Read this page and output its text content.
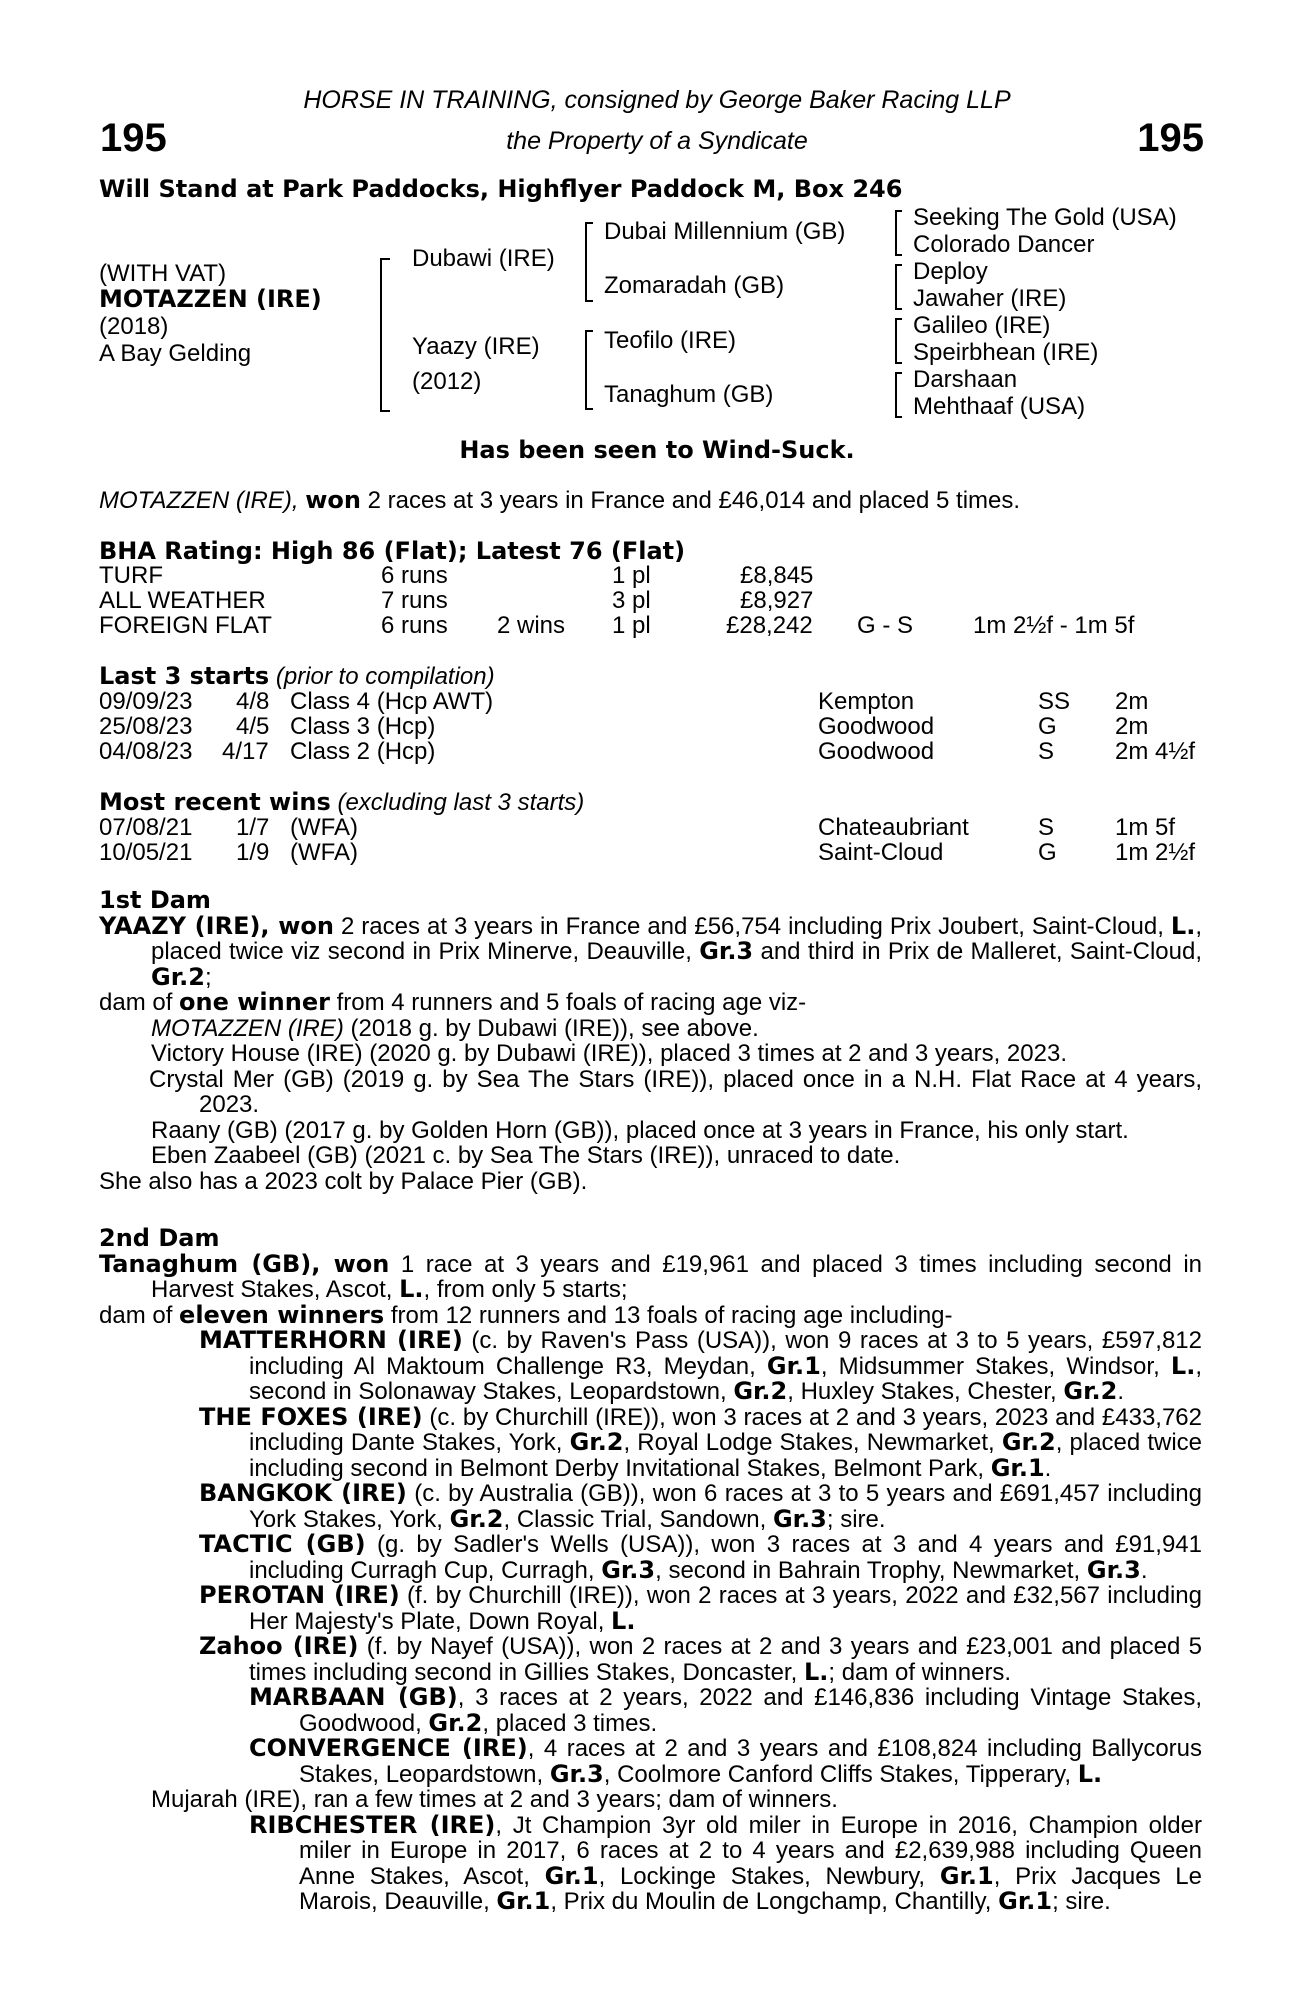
195	195
HORSE IN TRAINING, consigned by George Baker Racing LLP
the Property of a Syndicate
Will Stand at Park Paddocks, Highflyer Paddock M, Box 246
(WITH VAT)
MOTAZZEN (IRE)
(2018)
A Bay Gelding
Dubawi (IRE)
Yaazy (IRE)
(2012)
Dubai Millennium (GB)
Zomaradah (GB)
Teofilo (IRE)
Tanaghum (GB)
Seeking The Gold (USA)
Colorado Dancer
Deploy
Jawaher (IRE)
Galileo (IRE)
Speirbhean (IRE)
Darshaan
Mehthaaf (USA)
Has been seen to Wind-Suck.
MOTAZZEN (IRE), won 2 races at 3 years in France and £46,014 and placed 5 times.
BHA Rating: High 86 (Flat); Latest 76 (Flat)
TURF	6 runs	1 pl	£8,845
ALL WEATHER	7 runs	3 pl	£8,927
FOREIGN FLAT	6 runs 2 wins 1 pl	£28,242 G - S 1m 2½f - 1m 5f
Last 3 starts (prior to compilation)
09/09/23 4/8 Class 4 (Hcp AWT)	Kempton	SS 2m
25/08/23 4/5 Class 3 (Hcp)	Goodwood	G 2m
04/08/23 4/17 Class 2 (Hcp)	Goodwood	S	2m 4½f
Most recent wins (excluding last 3 starts)
07/08/21 1/7 (WFA)	Chateaubriant	S	1m 5f
10/05/21 1/9 (WFA)	Saint-Cloud	G 1m 2½f

1st Dam

YAAZY (IRE), won 2 races at 3 years in France and £56,754 including Prix Joubert, Saint-Cloud, L., placed twice viz second in Prix Minerve, Deauville, Gr.3 and third in Prix de Malleret, Saint-Cloud, Gr.2;

dam of one winner from 4 runners and 5 foals of racing age viz-

MOTAZZEN (IRE) (2018 g. by Dubawi (IRE)), see above.

Victory House (IRE) (2020 g. by Dubawi (IRE)), placed 3 times at 2 and 3 years, 2023.

Crystal Mer (GB) (2019 g. by Sea The Stars (IRE)), placed once in a N.H. Flat Race at 4 years, 2023.

Raany (GB) (2017 g. by Golden Horn (GB)), placed once at 3 years in France, his only start.

Eben Zaabeel (GB) (2021 c. by Sea The Stars (IRE)), unraced to date.

She also has a 2023 colt by Palace Pier (GB).

2nd Dam

Tanaghum (GB), won 1 race at 3 years and £19,961 and placed 3 times including second in Harvest Stakes, Ascot, L., from only 5 starts;

dam of eleven winners from 12 runners and 13 foals of racing age including-

MATTERHORN (IRE) (c. by Raven's Pass (USA)), won 9 races at 3 to 5 years, £597,812 including Al Maktoum Challenge R3, Meydan, Gr.1, Midsummer Stakes, Windsor, L., second in Solonaway Stakes, Leopardstown, Gr.2, Huxley Stakes, Chester, Gr.2.

THE FOXES (IRE) (c. by Churchill (IRE)), won 3 races at 2 and 3 years, 2023 and £433,762 including Dante Stakes, York, Gr.2, Royal Lodge Stakes, Newmarket, Gr.2, placed twice including second in Belmont Derby Invitational Stakes, Belmont Park, Gr.1.

BANGKOK (IRE) (c. by Australia (GB)), won 6 races at 3 to 5 years and £691,457 including York Stakes, York, Gr.2, Classic Trial, Sandown, Gr.3; sire.

TACTIC (GB) (g. by Sadler's Wells (USA)), won 3 races at 3 and 4 years and £91,941 including Curragh Cup, Curragh, Gr.3, second in Bahrain Trophy, Newmarket, Gr.3.

PEROTAN (IRE) (f. by Churchill (IRE)), won 2 races at 3 years, 2022 and £32,567 including Her Majesty's Plate, Down Royal, L.

Zahoo (IRE) (f. by Nayef (USA)), won 2 races at 2 and 3 years and £23,001 and placed 5 times including second in Gillies Stakes, Doncaster, L.; dam of winners.

MARBAAN (GB), 3 races at 2 years, 2022 and £146,836 including Vintage Stakes, Goodwood, Gr.2, placed 3 times.

CONVERGENCE (IRE), 4 races at 2 and 3 years and £108,824 including Ballycorus Stakes, Leopardstown, Gr.3, Coolmore Canford Cliffs Stakes, Tipperary, L.

Mujarah (IRE), ran a few times at 2 and 3 years; dam of winners.

RIBCHESTER (IRE), Jt Champion 3yr old miler in Europe in 2016, Champion older miler in Europe in 2017, 6 races at 2 to 4 years and £2,639,988 including Queen Anne Stakes, Ascot, Gr.1, Lockinge Stakes, Newbury, Gr.1, Prix Jacques Le Marois, Deauville, Gr.1, Prix du Moulin de Longchamp, Chantilly, Gr.1; sire.
